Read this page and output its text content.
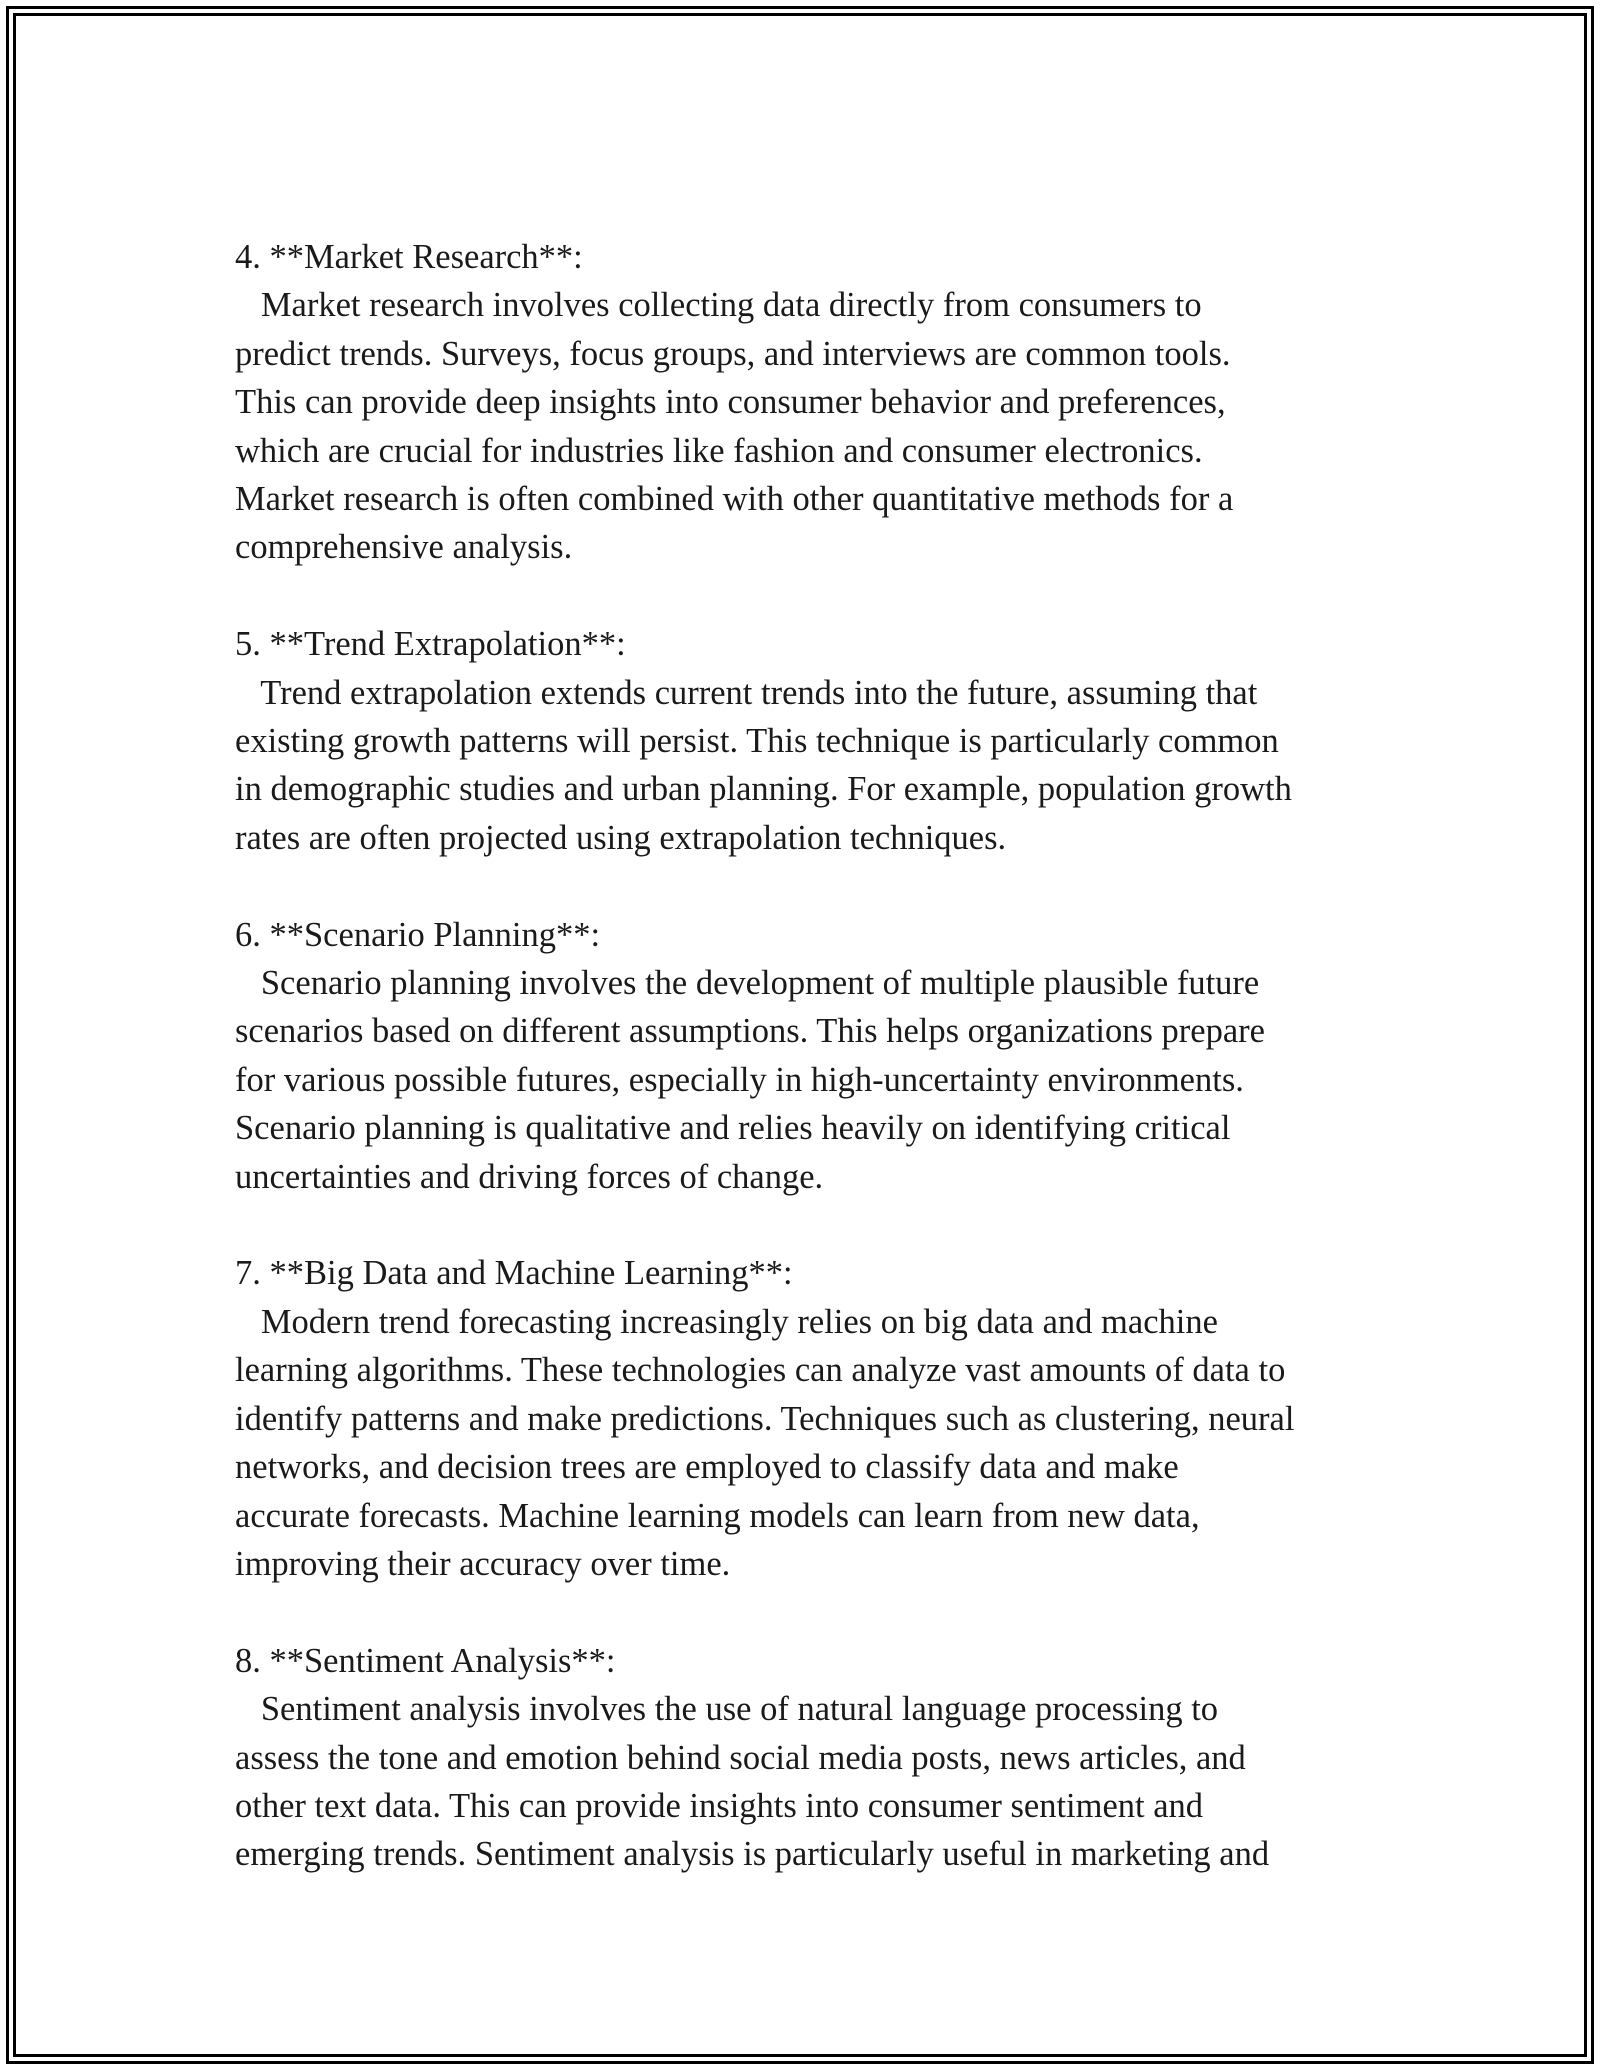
4. **Market Research**:
Market research involves collecting data directly from consumers to
predict trends. Surveys, focus groups, and interviews are common tools.
This can provide deep insights into consumer behavior and preferences,
which are crucial for industries like fashion and consumer electronics.
Market research is often combined with other quantitative methods for a
comprehensive analysis.
5. **Trend Extrapolation**:
Trend extrapolation extends current trends into the future, assuming that
existing growth patterns will persist. This technique is particularly common
in demographic studies and urban planning. For example, population growth
rates are often projected using extrapolation techniques.
6. **Scenario Planning**:
Scenario planning involves the development of multiple plausible future
scenarios based on different assumptions. This helps organizations prepare
for various possible futures, especially in high-uncertainty environments.
Scenario planning is qualitative and relies heavily on identifying critical
uncertainties and driving forces of change.
7. **Big Data and Machine Learning**:
Modern trend forecasting increasingly relies on big data and machine
learning algorithms. These technologies can analyze vast amounts of data to
identify patterns and make predictions. Techniques such as clustering, neural
networks, and decision trees are employed to classify data and make
accurate forecasts. Machine learning models can learn from new data,
improving their accuracy over time.
8. **Sentiment Analysis**:
Sentiment analysis involves the use of natural language processing to
assess the tone and emotion behind social media posts, news articles, and
other text data. This can provide insights into consumer sentiment and
emerging trends. Sentiment analysis is particularly useful in marketing and
